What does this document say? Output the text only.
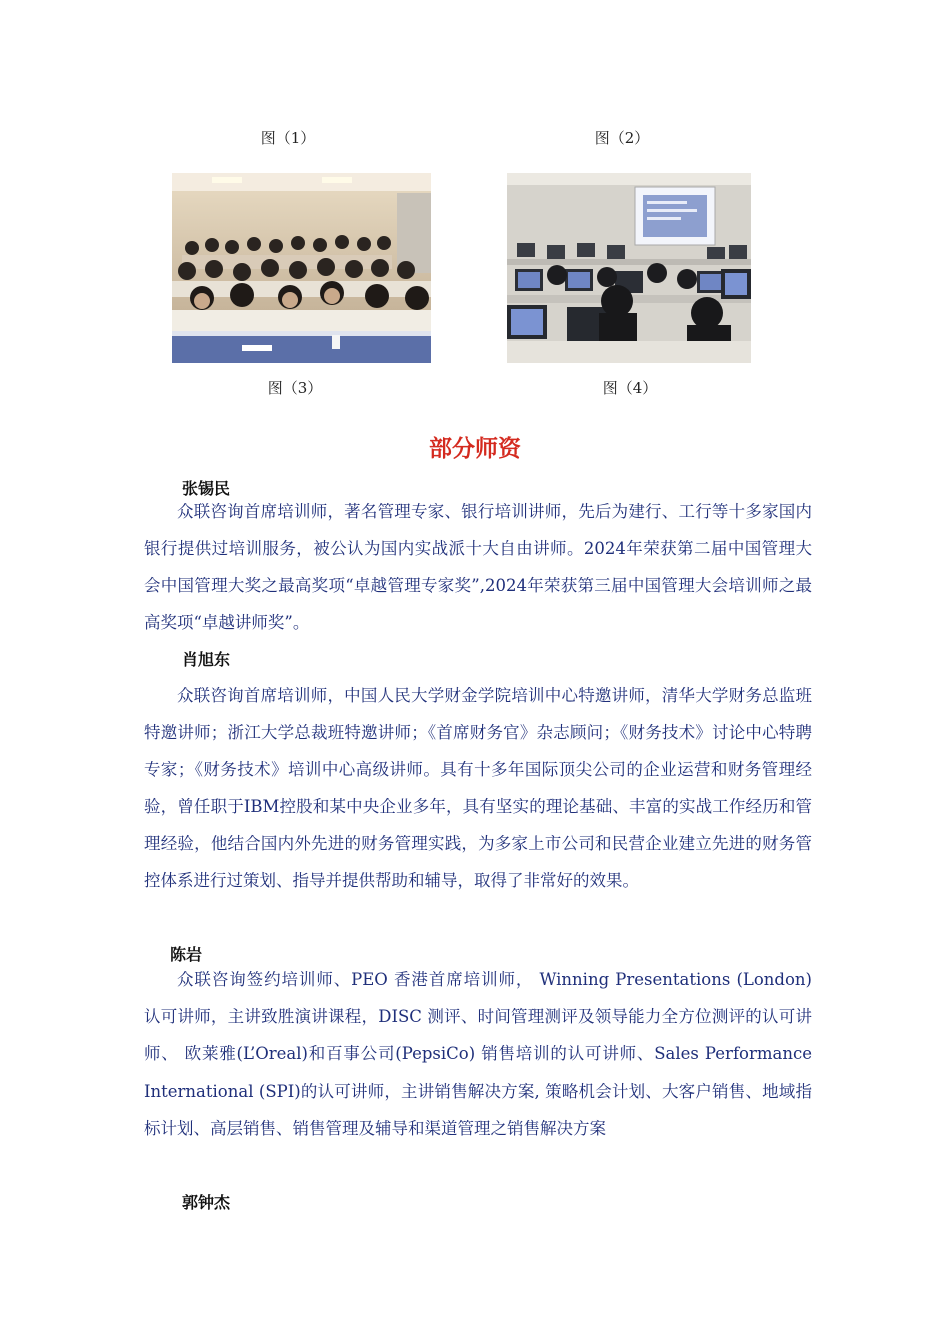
图（1）	图（2）
图（3）	图（4）
部分师资
张锡民
众联咨询首席培训师，著名管理专家、银行培训讲师，先后为建行、工行等十多家国内银行提供过培训服务，被公认为国内实战派十大自由讲师。2024年荣获第二届中国管理大会中国管理大奖之最高奖项“卓越管理专家奖”,2024年荣获第三届中国管理大会培训师之最高奖项“卓越讲师奖”。
肖旭东
众联咨询首席培训师，中国人民大学财金学院培训中心特邀讲师，清华大学财务总监班特邀讲师；浙江大学总裁班特邀讲师；《首席财务官》杂志顾问；《财务技术》讨论中心特聘专家；《财务技术》培训中心高级讲师。具有十多年国际顶尖公司的企业运营和财务管理经验，曾任职于IBM控股和某中央企业多年，具有坚实的理论基础、丰富的实战工作经历和管理经验，他结合国内外先进的财务管理实践，为多家上市公司和民营企业建立先进的财务管控体系进行过策划、指导并提供帮助和辅导，取得了非常好的效果。
陈岩
众联咨询签约培训师、PEO 香港首席培训师， Winning Presentations (London) 认可讲师，主讲致胜演讲课程，DISC 测评、时间管理测评及领导能力全方位测评的认可讲师、 欧莱雅(L’Oreal)和百事公司(PepsiCo) 销售培训的认可讲师、Sales Performance International (SPI)的认可讲师，主讲销售解决方案, 策略机会计划、大客户销售、地域指标计划、高层销售、销售管理及辅导和渠道管理之销售解决方案
郭钟杰
